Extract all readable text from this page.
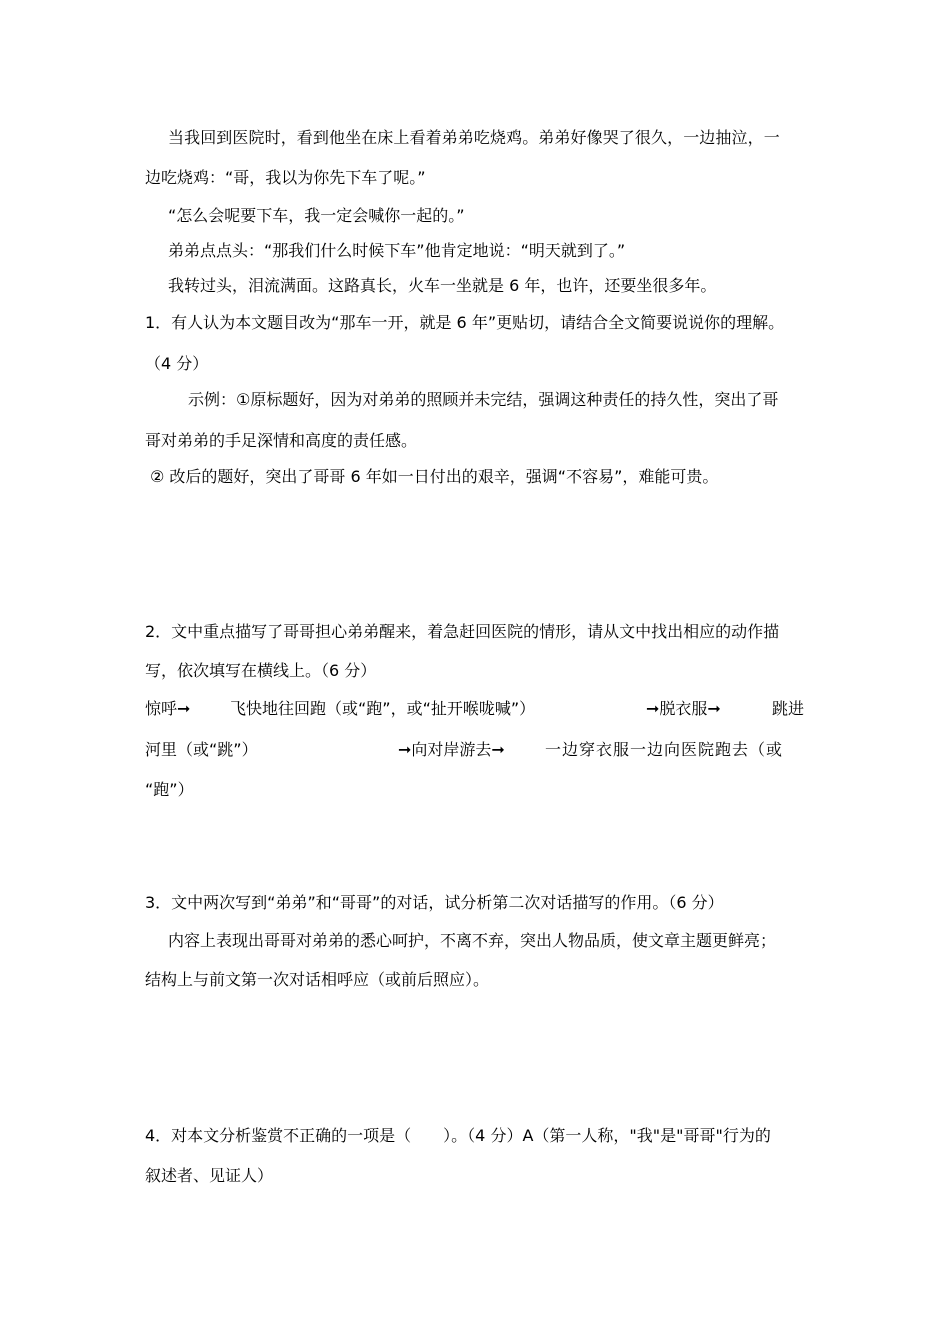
当我回到医院时，看到他坐在床上看着弟弟吃烧鸡。弟弟好像哭了很久，一边抽泣，一
边吃烧鸡：“哥，我以为你先下车了呢。”
“怎么会呢要下车，我一定会喊你一起的。”
弟弟点点头：“那我们什么时候下车”他肯定地说：“明天就到了。”
我转过头，泪流满面。这路真长，火车一坐就是 6 年，也许，还要坐很多年。
1．有人认为本文题目改为“那车一开，就是 6 年”更贴切，请结合全文简要说说你的理解。
（4 分）
示例：①原标题好，因为对弟弟的照顾并未完结，强调这种责任的持久性，突出了哥
哥对弟弟的手足深情和高度的责任感。
② 改后的题好，突出了哥哥 6 年如一日付出的艰辛，强调“不容易”，难能可贵。
2．文中重点描写了哥哥担心弟弟醒来，着急赶回医院的情形，请从文中找出相应的动作描
写，依次填写在横线上。（6 分）
惊呼➞ 飞快地往回跑（或“跑”，或“扯开喉咙喊”）	➞脱衣服➞	跳进
河里（或“跳”）	➞向对岸游去➞	一边穿衣服一边向医院跑去（或
“跑”）
3．文中两次写到“弟弟”和“哥哥”的对话，试分析第二次对话描写的作用。（6 分）
内容上表现出哥哥对弟弟的悉心呵护，不离不弃，突出人物品质，使文章主题更鲜亮；
结构上与前文第一次对话相呼应（或前后照应）。
4．对本文分析鉴赏不正确的一项是（　　）。（4 分）A（第一人称，"我"是"哥哥"行为的
叙述者、见证人）
